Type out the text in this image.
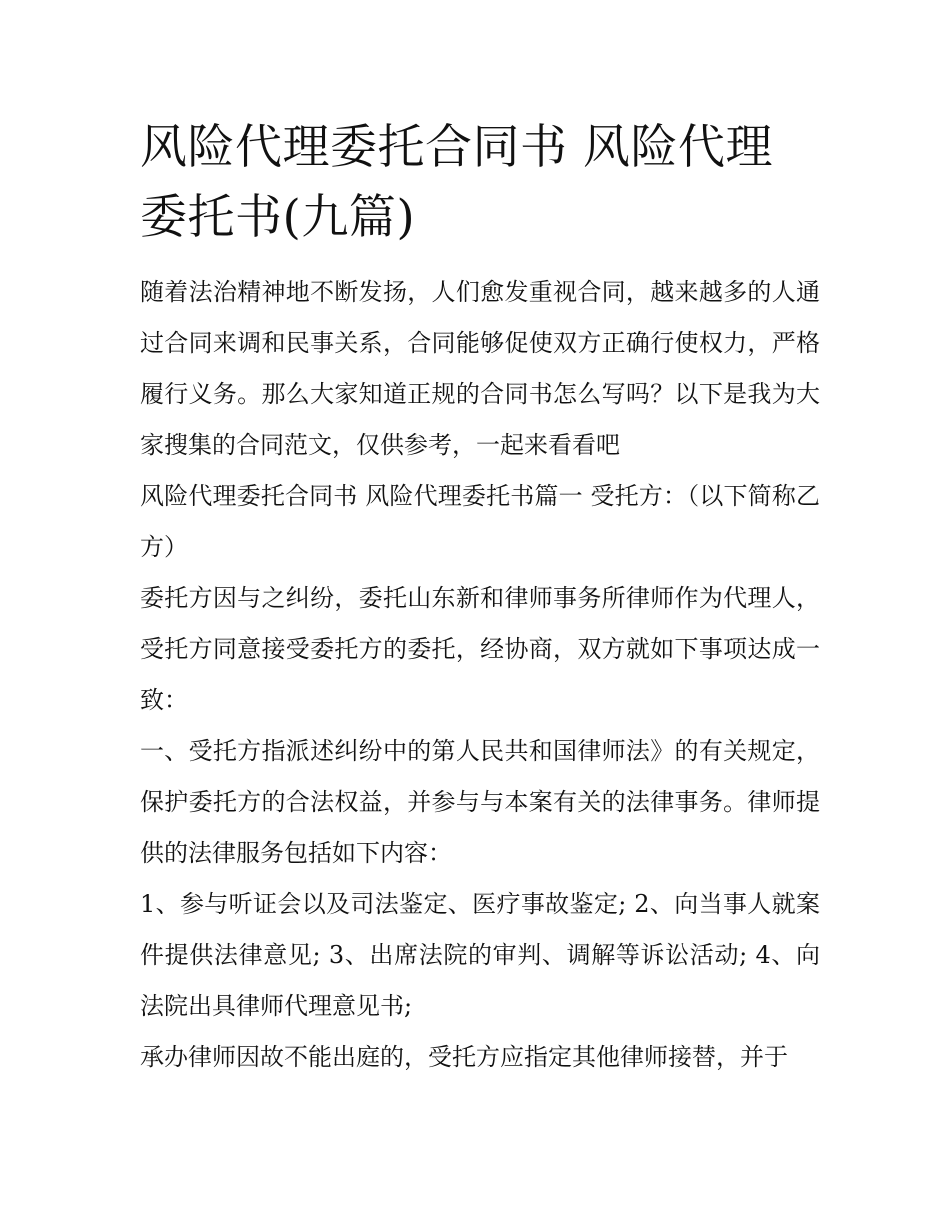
风险代理委托合同书 风险代理委托书(九篇)

随着法治精神地不断发扬，人们愈发重视合同，越来越多的人通过合同来调和民事关系，合同能够促使双方正确行使权力，严格履行义务。那么大家知道正规的合同书怎么写吗？以下是我为大家搜集的合同范文，仅供参考，一起来看看吧

风险代理委托合同书 风险代理委托书篇一 受托方：（以下简称乙方）

委托方因与之纠纷，委托山东新和律师事务所律师作为代理人，受托方同意接受委托方的委托，经协商，双方就如下事项达成一致：

一、受托方指派述纠纷中的第人民共和国律师法》的有关规定，保护委托方的合法权益，并参与与本案有关的法律事务。律师提供的法律服务包括如下内容：

1、参与听证会以及司法鉴定、医疗事故鉴定; 2、向当事人就案件提供法律意见; 3、出席法院的审判、调解等诉讼活动; 4、向法院出具律师代理意见书;

承办律师因故不能出庭的，受托方应指定其他律师接替，并于
